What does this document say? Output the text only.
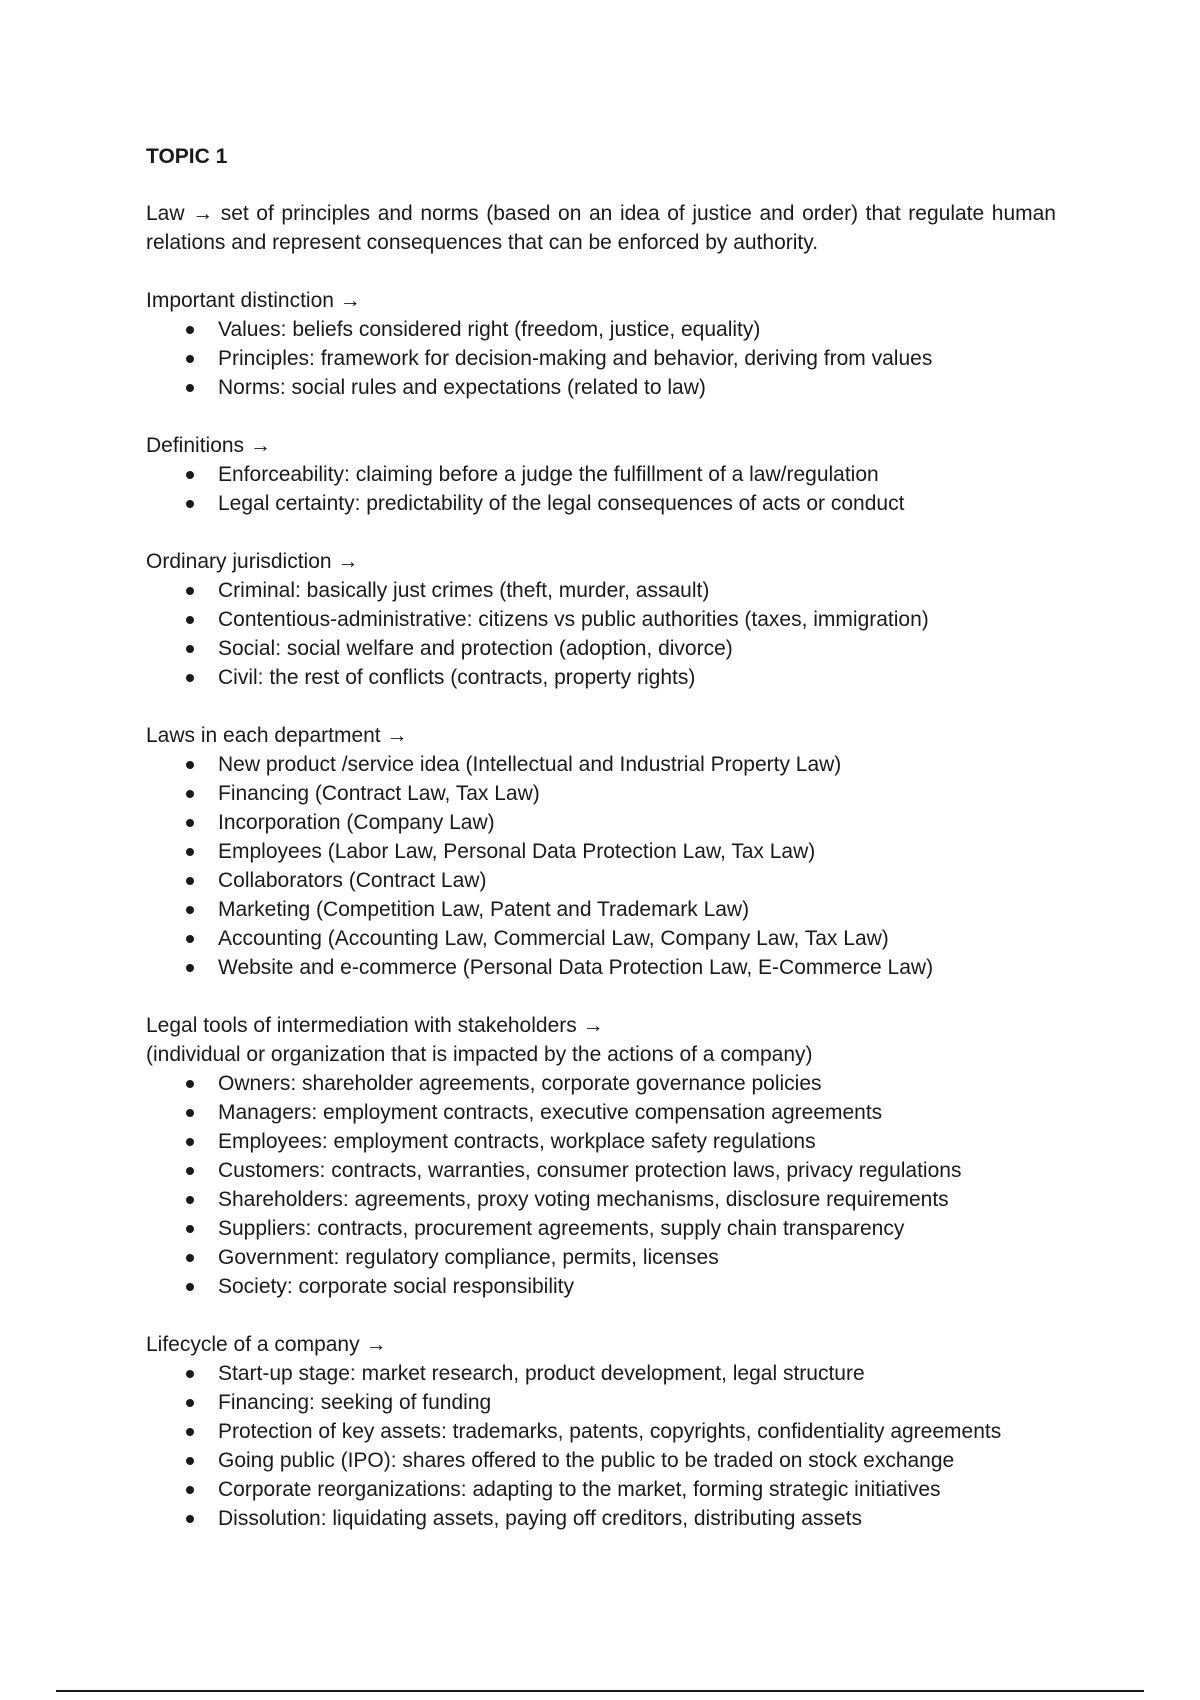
TOPIC 1
Law → set of principles and norms (based on an idea of justice and order) that regulate human relations and represent consequences that can be enforced by authority.
Important distinction →
Values: beliefs considered right (freedom, justice, equality)
Principles: framework for decision-making and behavior, deriving from values
Norms: social rules and expectations (related to law)
Definitions →
Enforceability: claiming before a judge the fulfillment of a law/regulation
Legal certainty: predictability of the legal consequences of acts or conduct
Ordinary jurisdiction →
Criminal: basically just crimes (theft, murder, assault)
Contentious-administrative: citizens vs public authorities (taxes, immigration)
Social: social welfare and protection (adoption, divorce)
Civil: the rest of conflicts (contracts, property rights)
Laws in each department →
New product /service idea (Intellectual and Industrial Property Law)
Financing (Contract Law, Tax Law)
Incorporation (Company Law)
Employees (Labor Law, Personal Data Protection Law, Tax Law)
Collaborators (Contract Law)
Marketing (Competition Law, Patent and Trademark Law)
Accounting (Accounting Law, Commercial Law, Company Law, Tax Law)
Website and e-commerce (Personal Data Protection Law, E-Commerce Law)
Legal tools of intermediation with stakeholders →
(individual or organization that is impacted by the actions of a company)
Owners: shareholder agreements, corporate governance policies
Managers: employment contracts, executive compensation agreements
Employees: employment contracts, workplace safety regulations
Customers: contracts, warranties, consumer protection laws, privacy regulations
Shareholders: agreements, proxy voting mechanisms, disclosure requirements
Suppliers: contracts, procurement agreements, supply chain transparency
Government: regulatory compliance, permits, licenses
Society: corporate social responsibility
Lifecycle of a company →
Start-up stage: market research, product development, legal structure
Financing: seeking of funding
Protection of key assets: trademarks, patents, copyrights, confidentiality agreements
Going public (IPO): shares offered to the public to be traded on stock exchange
Corporate reorganizations: adapting to the market, forming strategic initiatives
Dissolution: liquidating assets, paying off creditors, distributing assets
